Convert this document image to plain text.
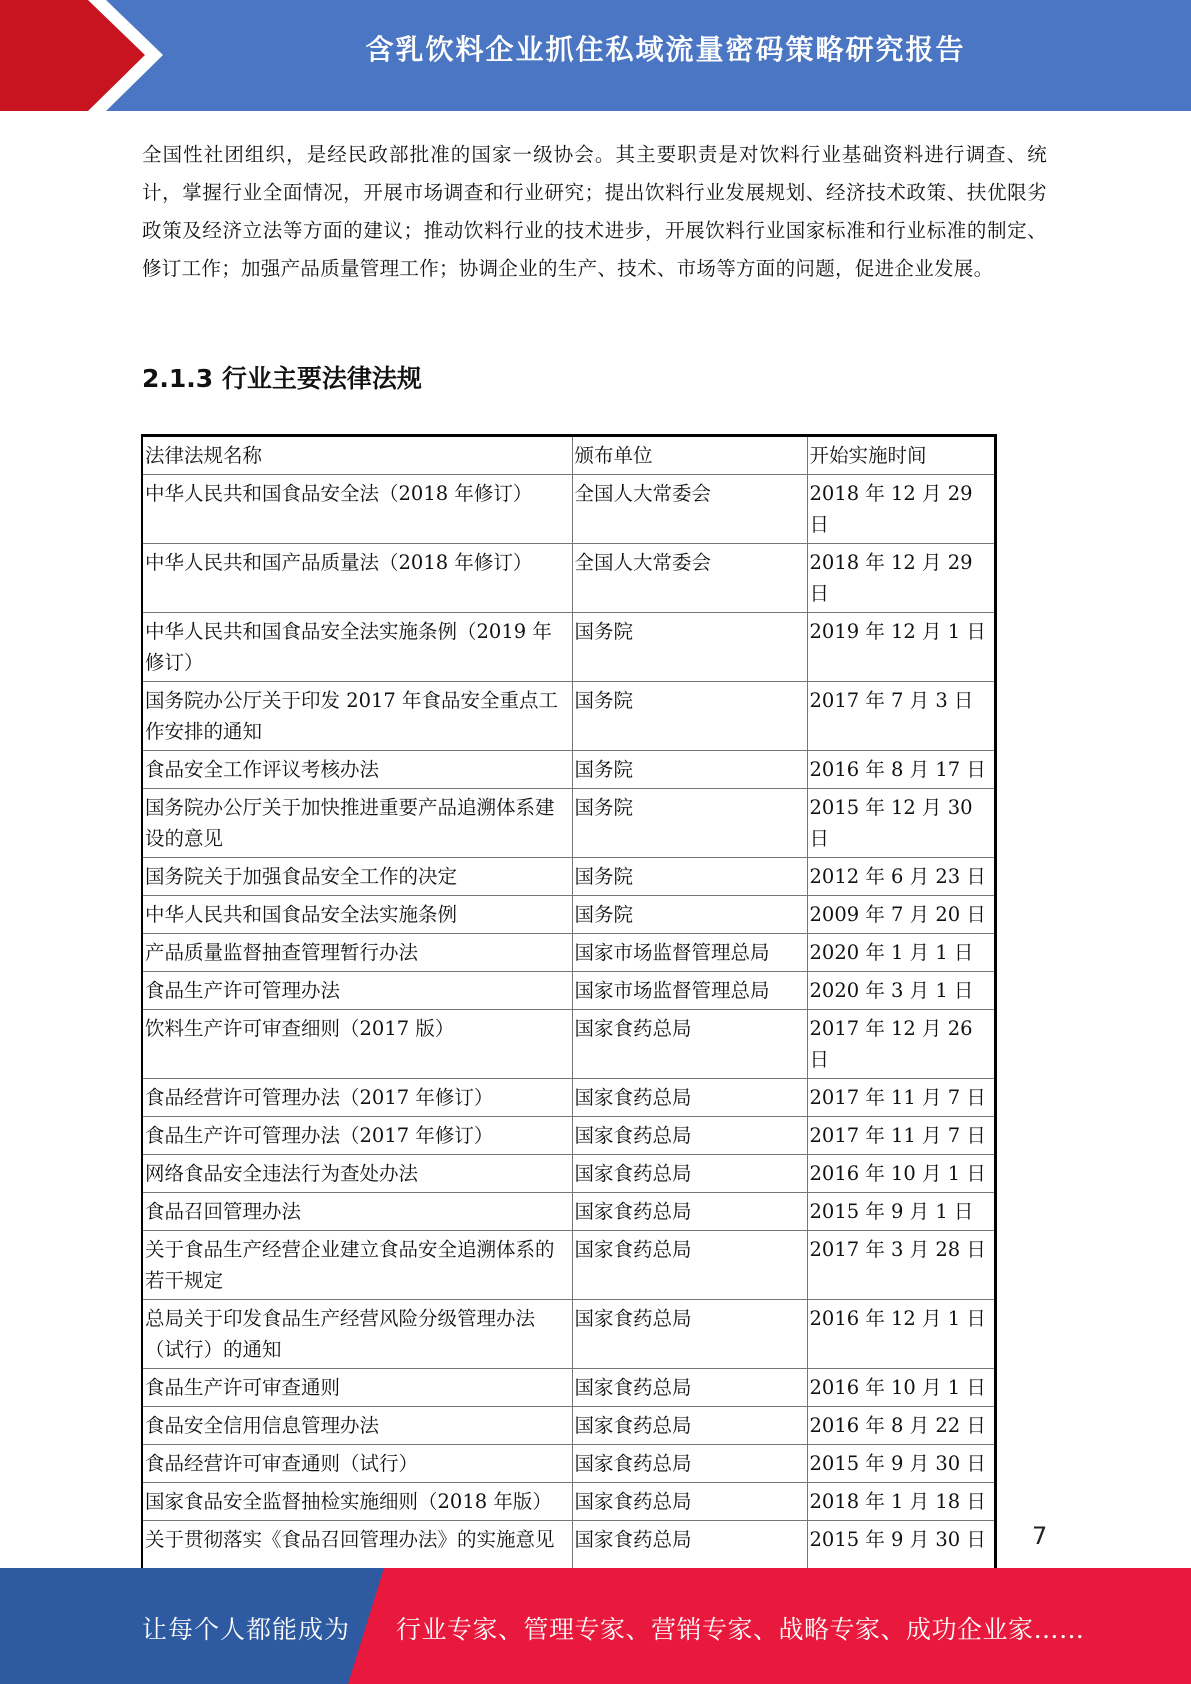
含乳饮料企业抓住私域流量密码策略研究报告
全国性社团组织，是经民政部批准的国家一级协会。其主要职责是对饮料行业基础资料进行调查、统计，掌握行业全面情况，开展市场调查和行业研究；提出饮料行业发展规划、经济技术政策、扶优限劣政策及经济立法等方面的建议；推动饮料行业的技术进步，开展饮料行业国家标准和行业标准的制定、修订工作；加强产品质量管理工作；协调企业的生产、技术、市场等方面的问题，促进企业发展。
2.1.3 行业主要法律法规
法律法规名称	颁布单位	开始实施时间
中华人民共和国食品安全法（2018 年修订）	全国人大常委会	2018 年 12 月 29 日
中华人民共和国产品质量法（2018 年修订）	全国人大常委会	2018 年 12 月 29 日
中华人民共和国食品安全法实施条例（2019 年修订）	国务院	2019 年 12 月 1 日
国务院办公厅关于印发 2017 年食品安全重点工作安排的通知	国务院	2017 年 7 月 3 日
食品安全工作评议考核办法	国务院	2016 年 8 月 17 日
国务院办公厅关于加快推进重要产品追溯体系建设的意见	国务院	2015 年 12 月 30 日
国务院关于加强食品安全工作的决定	国务院	2012 年 6 月 23 日
中华人民共和国食品安全法实施条例	国务院	2009 年 7 月 20 日
产品质量监督抽查管理暂行办法	国家市场监督管理总局	2020 年 1 月 1 日
食品生产许可管理办法	国家市场监督管理总局	2020 年 3 月 1 日
饮料生产许可审查细则（2017 版）	国家食药总局	2017 年 12 月 26 日
食品经营许可管理办法（2017 年修订）	国家食药总局	2017 年 11 月 7 日
食品生产许可管理办法（2017 年修订）	国家食药总局	2017 年 11 月 7 日
网络食品安全违法行为查处办法	国家食药总局	2016 年 10 月 1 日
食品召回管理办法	国家食药总局	2015 年 9 月 1 日
关于食品生产经营企业建立食品安全追溯体系的若干规定	国家食药总局	2017 年 3 月 28 日
总局关于印发食品生产经营风险分级管理办法（试行）的通知	国家食药总局	2016 年 12 月 1 日
食品生产许可审查通则	国家食药总局	2016 年 10 月 1 日
食品安全信用信息管理办法	国家食药总局	2016 年 8 月 22 日
食品经营许可审查通则（试行）	国家食药总局	2015 年 9 月 30 日
国家食品安全监督抽检实施细则（2018 年版）	国家食药总局	2018 年 1 月 18 日
关于贯彻落实《食品召回管理办法》的实施意见	国家食药总局	2015 年 9 月 30 日 7
让每个人都能成为 行业专家、管理专家、营销专家、战略专家、成功企业家……
